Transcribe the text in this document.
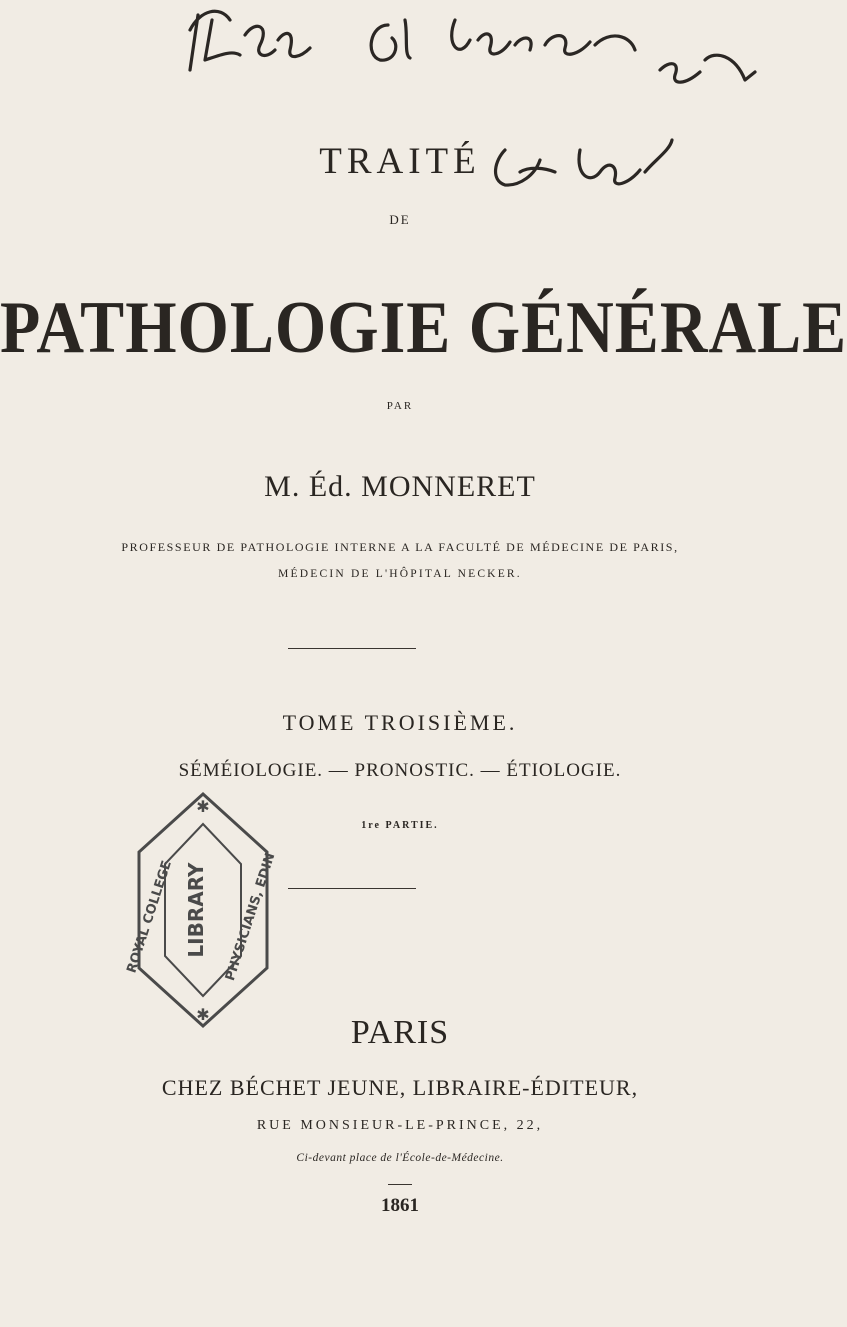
TRAITÉ
DE
PATHOLOGIE GÉNÉRALE
PAR
M. Éd. MONNERET
PROFESSEUR DE PATHOLOGIE INTERNE A LA FACULTÉ DE MÉDECINE DE PARIS,
MÉDECIN DE L'HÔPITAL NECKER.
TOME TROISIÈME.
SÉMÉIOLOGIE. — PRONOSTIC. — ÉTIOLOGIE.
1re PARTIE.
LIBRARY
ROYAL COLLEGE	PHYSICIANS, EDIN
✱
✱	PARIS
CHEZ BÉCHET JEUNE, LIBRAIRE-ÉDITEUR,
RUE MONSIEUR-LE-PRINCE, 22,
Ci-devant place de l'École-de-Médecine.
1861
